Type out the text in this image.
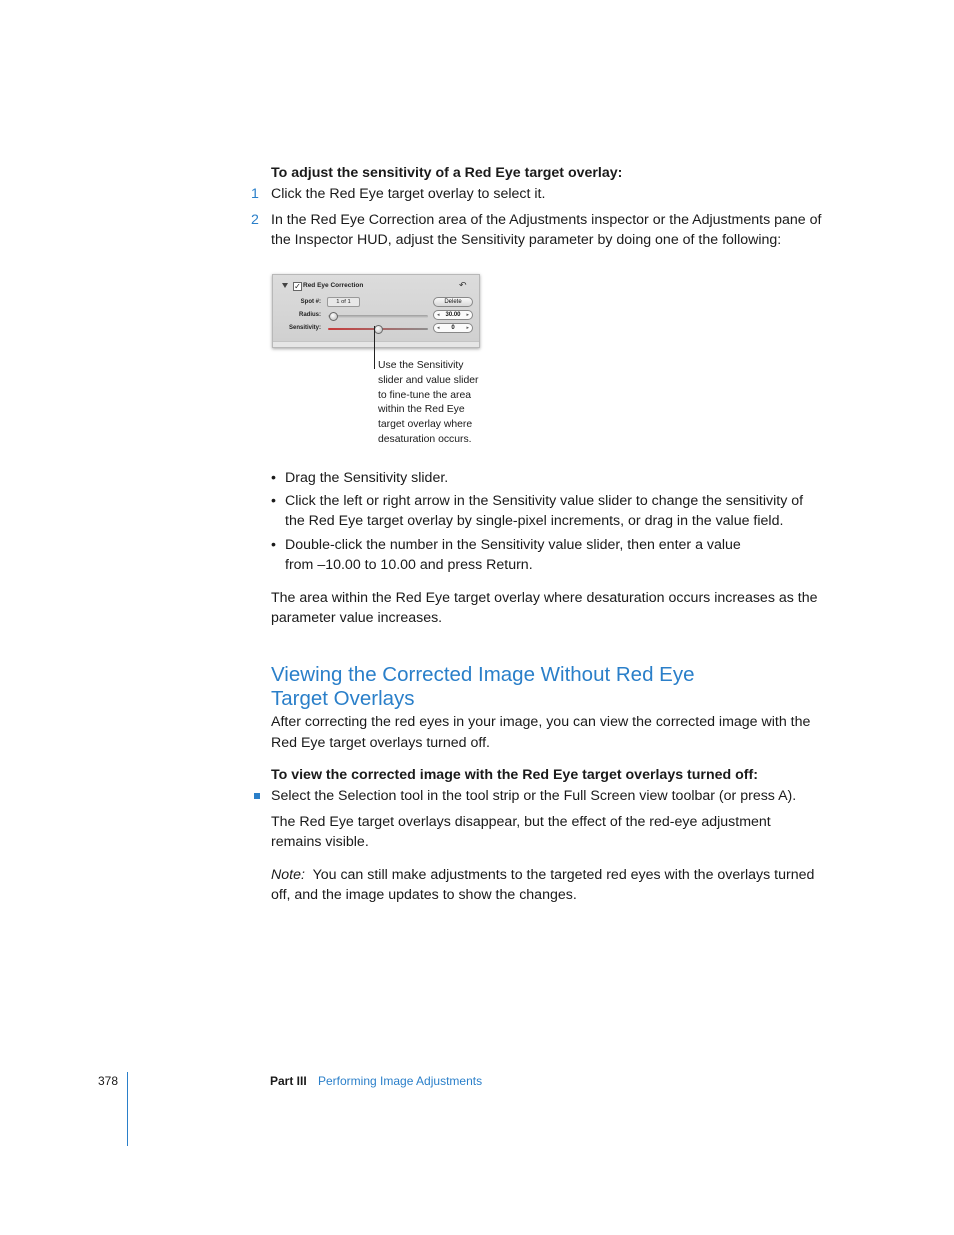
To adjust the sensitivity of a Red Eye target overlay:
1 Click the Red Eye target overlay to select it.
2 In the Red Eye Correction area of the Adjustments inspector or the Adjustments pane of
the Inspector HUD, adjust the Sensitivity parameter by doing one of the following:
✓ Red Eye Correction	↶
Spot #:	1 of 1	Delete
Radius:	◂ 30.00	▸
Sensitivity:	◂	0	▸
Use the Sensitivity
slider and value slider
to fine-tune the area
within the Red Eye
target overlay where
desaturation occurs.
• Drag the Sensitivity slider.
• Click the left or right arrow in the Sensitivity value slider to change the sensitivity of
the Red Eye target overlay by single-pixel increments, or drag in the value field.
• Double-click the number in the Sensitivity value slider, then enter a value
from –10.00 to 10.00 and press Return.
The area within the Red Eye target overlay where desaturation occurs increases as the
parameter value increases.
Viewing the Corrected Image Without Red Eye
Target Overlays
After correcting the red eyes in your image, you can view the corrected image with the
Red Eye target overlays turned off.
To view the corrected image with the Red Eye target overlays turned off:
Select the Selection tool in the tool strip or the Full Screen view toolbar (or press A).
The Red Eye target overlays disappear, but the effect of the red-eye adjustment
remains visible.
Note: You can still make adjustments to the targeted red eyes with the overlays turned
off, and the image updates to show the changes.
378	Part III Performing Image Adjustments
